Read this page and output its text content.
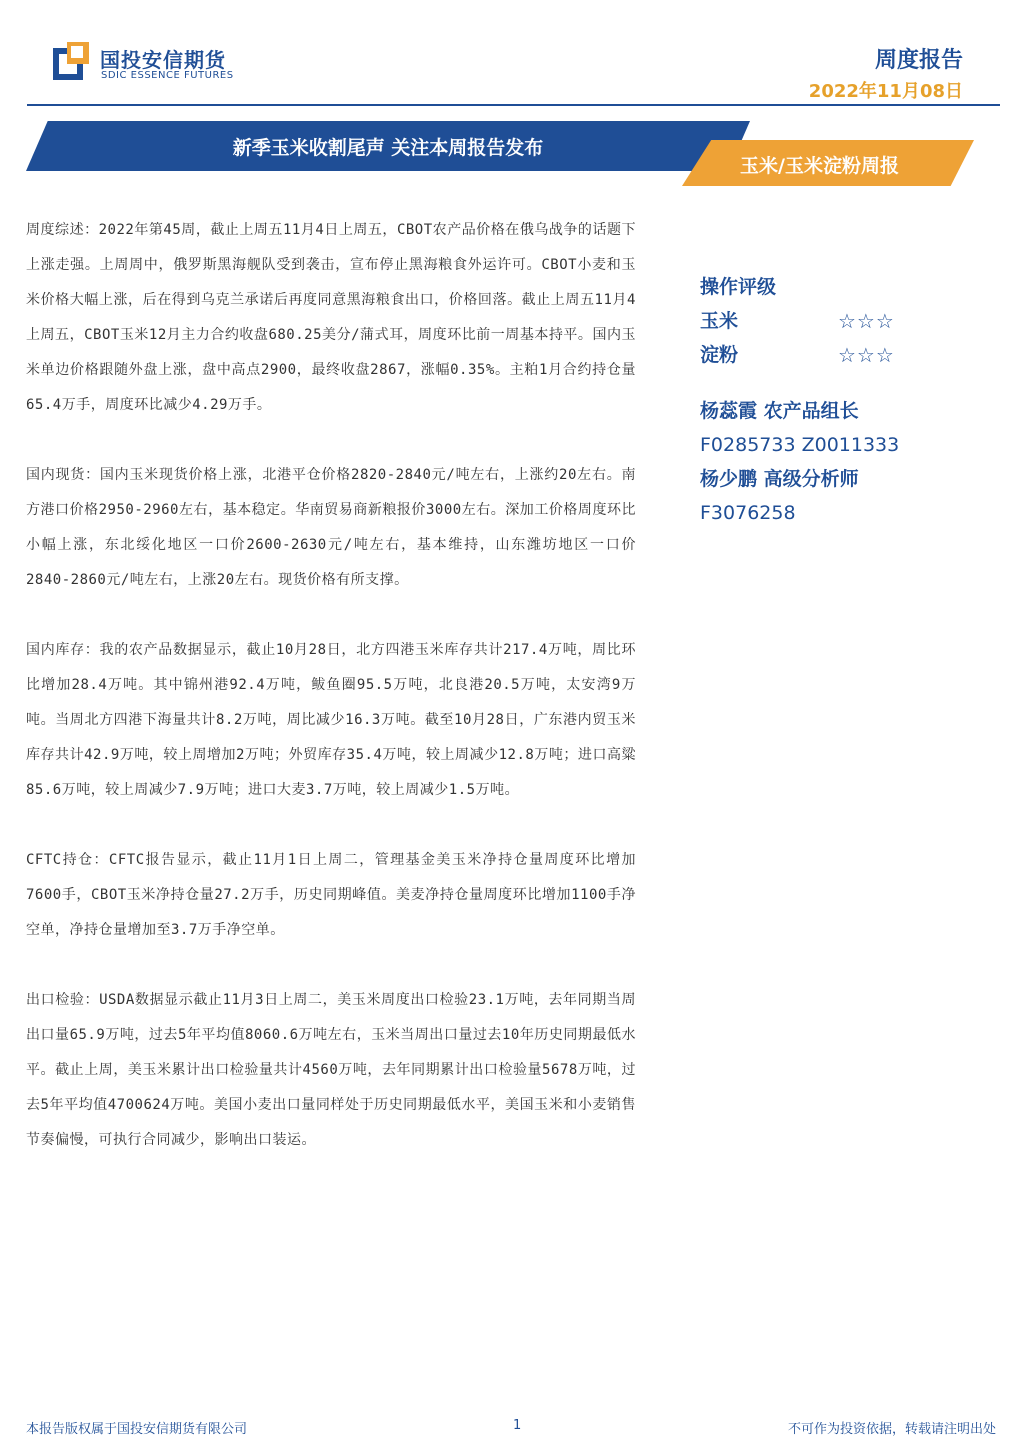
国投安信期货
SDIC ESSENCE FUTURES
周度报告
2022年11月08日
新季玉米收割尾声 关注本周报告发布
玉米/玉米淀粉周报

周度综述：2022年第45周，截止上周五11月4日上周五，CBOT农产品价格在俄乌战争的话题下上涨走强。上周周中，俄罗斯黑海舰队受到袭击，宣布停止黑海粮食外运许可。CBOT小麦和玉米价格大幅上涨，后在得到乌克兰承诺后再度同意黑海粮食出口，价格回落。截止上周五11月4上周五，CBOT玉米12月主力合约收盘680.25美分/蒲式耳，周度环比前一周基本持平。国内玉米单边价格跟随外盘上涨，盘中高点2900，最终收盘2867，涨幅0.35%。主粕1月合约持仓量65.4万手，周度环比减少4.29万手。

国内现货：国内玉米现货价格上涨，北港平仓价格2820-2840元/吨左右，上涨约20左右。南方港口价格2950-2960左右，基本稳定。华南贸易商新粮报价3000左右。深加工价格周度环比小幅上涨，东北绥化地区一口价2600-2630元/吨左右，基本维持，山东潍坊地区一口价2840-2860元/吨左右，上涨20左右。现货价格有所支撑。

国内库存：我的农产品数据显示，截止10月28日，北方四港玉米库存共计217.4万吨，周比环比增加28.4万吨。其中锦州港92.4万吨，鲅鱼圈95.5万吨，北良港20.5万吨，太安湾9万吨。当周北方四港下海量共计8.2万吨，周比减少16.3万吨。截至10月28日，广东港内贸玉米库存共计42.9万吨，较上周增加2万吨；外贸库存35.4万吨，较上周减少12.8万吨；进口高粱85.6万吨，较上周减少7.9万吨；进口大麦3.7万吨，较上周减少1.5万吨。

CFTC持仓：CFTC报告显示，截止11月1日上周二，管理基金美玉米净持仓量周度环比增加7600手，CBOT玉米净持仓量27.2万手，历史同期峰值。美麦净持仓量周度环比增加1100手净空单，净持仓量增加至3.7万手净空单。

出口检验：USDA数据显示截止11月3日上周二，美玉米周度出口检验23.1万吨，去年同期当周出口量65.9万吨，过去5年平均值8060.6万吨左右，玉米当周出口量过去10年历史同期最低水平。截止上周，美玉米累计出口检验量共计4560万吨，去年同期累计出口检验量5678万吨，过去5年平均值4700624万吨。美国小麦出口量同样处于历史同期最低水平，美国玉米和小麦销售节奏偏慢，可执行合同减少，影响出口装运。

操作评级
玉米	☆☆☆
淀粉	☆☆☆
杨蕊霞 农产品组长
F0285733 Z0011333
杨少鹏 高级分析师
F3076258
本报告版权属于国投安信期货有限公司	1	不可作为投资依据，转载请注明出处
